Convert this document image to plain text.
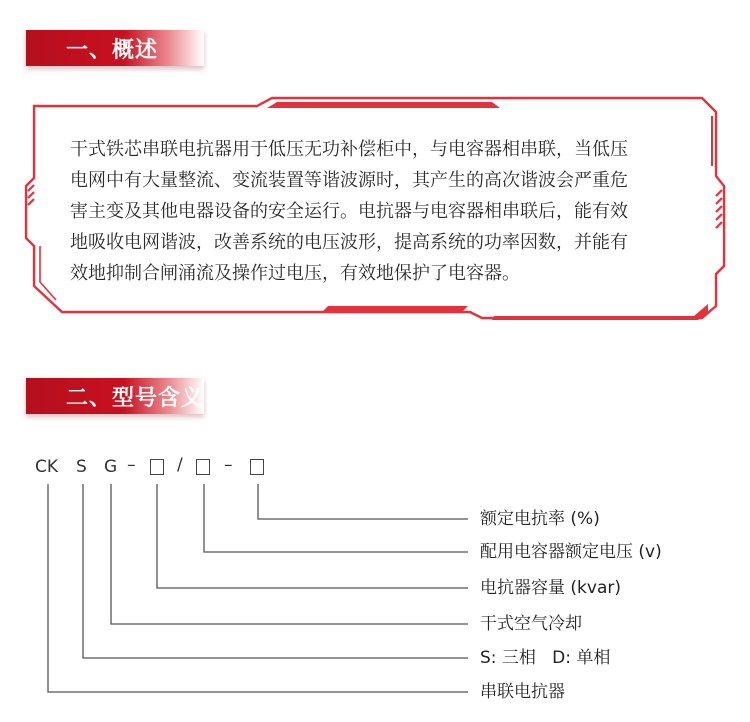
一、概述

干式铁芯串联电抗器用于低压无功补偿柜中，与电容器相串联，当低压
电网中有大量整流、变流装置等谐波源时，其产生的高次谐波会严重危
害主变及其他电器设备的安全运行。电抗器与电容器相串联后，能有效
地吸收电网谐波，改善系统的电压波形，提高系统的功率因数，并能有
效地抑制合闸涌流及操作过电压，有效地保护了电容器。

二、型号含义
CK S G – / –
额定电抗率 (%)
配用电容器额定电压 (v)
电抗器容量 (kvar)
干式空气冷却
S: 三相   D: 单相
串联电抗器
